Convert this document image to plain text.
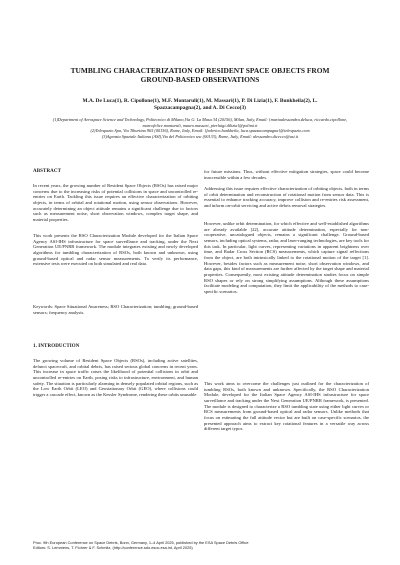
TUMBLING CHARACTERIZATION OF RESIDENT SPACE OBJECTS FROM GROUND-BASED OBSERVATIONS
M.A. De Luca(1), R. Cipollone(1), M.F. Montaruli(1), M. Massari(1), P. Di Lizia(1), F. Bunkheila(2), L. Spazzacampagna(2), and A. Di Cecco(3)
(1)Department of Aerospace Science and Technology, Politecnico di Milano,Via G. La Masa 34 (20156), Milan, Italy, Email: {mariaalessandra.deluca, riccardo.cipollone, marcofelice.montaruli, mauro.massari, pierluigi.dilizia}@polimi.it
(2)Telespazio Spa, Via Tiburtina 965 (00156), Rome, Italy, Email: {federico.bunkheila, luca.spazzacampagna}@telespazio.com
(3)Agenzia Spaziale Italiana (ASI),Via del Politecnico snc (00133), Rome, Italy, Email: alessandro.dicecco@asi.it
ABSTRACT
In recent years, the growing number of Resident Space Objects (RSOs) has raised major concerns due to the increasing risks of potential collisions in space and uncontrolled re-entries on Earth. Tackling this issue requires an effective characterization of orbiting objects, in terms of orbital and rotational motion, using sensor observations. However, accurately determining an object attitude remains a significant challenge due to factors such as measurement noise, short observation windows, complex target shape, and material properties.
This work presents the RSO Characterization Module developed for the Italian Space Agency ASI-IHS infrastructure for space surveillance and tracking, under the Next Generation UE/PNRR framework. The module integrates existing and newly developed algorithms for tumbling characterization of RSOs, both known and unknown, using ground-based optical and radar sensor measurements. To verify its performance, extensive tests were executed on both simulated and real data.
Keywords: Space Situational Awareness; RSO Characterization; tumbling; ground-based sensors; frequency analysis.
1. INTRODUCTION
The growing volume of Resident Space Objects (RSOs), including active satellites, defunct spacecraft, and orbital debris, has raised serious global concerns in recent years. This increase in space traffic raises the likelihood of potential collisions in orbit and uncontrolled re-entries on Earth, posing risks to infrastructure, environment, and human safety. The situation is particularly alarming in densely populated orbital regions, such as the Low Earth Orbit (LEO) and Geostationary Orbit (GEO), where collisions could trigger a cascade effect, known as the Kessler Syndrome, rendering these orbits unusable
for future missions. Thus, without effective mitigation strategies, space could become inaccessible within a few decades.
Addressing this issue requires effective characterization of orbiting objects, both in terms of orbit determination and reconstruction of rotational motion from sensor data. This is essential to enhance tracking accuracy, improve collision and re-entries risk assessment, and inform on-orbit servicing and active debris removal strategies.
However, unlike orbit determination, for which effective and well-established algorithms are already available [22], accurate attitude determination, especially for non-cooperative, uncatalogued objects, remains a significant challenge. Ground-based sensors, including optical systems, radar, and laser-ranging technologies, are key tools for this task. In particular, light curves, representing variations in apparent brightness over time, and Radar Cross Section (RCS) measurements, which capture signal reflections from the object, are both intrinsically linked to the rotational motion of the target [1]. However, besides factors such as measurement noise, short observation windows, and data gaps, this kind of measurements are further affected by the target shape and material properties. Consequently, most existing attitude determination studies focus on simple RSO shapes or rely on strong simplifying assumptions. Although these assumptions facilitate modeling and computation, they limit the applicability of the methods to case-specific scenarios.
This work aims to overcome the challenges just outlined for the characterization of tumbling RSOs, both known and unknown. Specifically, the RSO Characterization Module, developed for the Italian Space Agency ASI-IHS infrastructure for space surveillance and tracking under the Next Generation UE/PNRR framework, is presented. The module is designed to characterize a RSO tumbling state using either light curves or RCS measurements from ground-based optical and radar sensors. Unlike methods that focus on estimating the full attitude vector but are built on case-specific scenarios, the presented approach aims to extract key rotational features in a versatile way across different target typos
Proc. 9th European Conference on Space Debris, Bonn, Germany, 1–4 April 2025, published by the ESA Space Debris Office
Editors: S. Lemmens, T. Flohrer & F. Schmitz, (http://conference.sdo.esoc.esa.int, April 2025)
